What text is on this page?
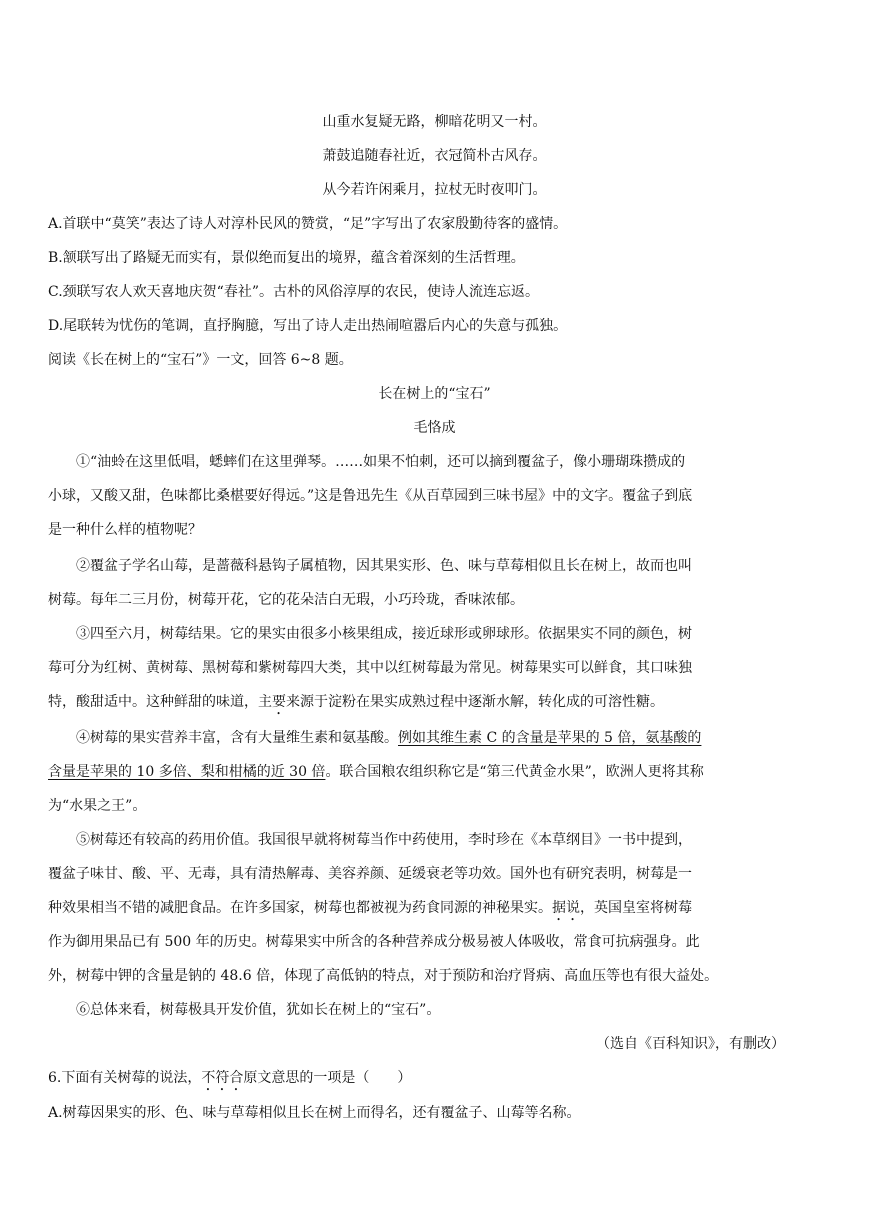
山重水复疑无路，柳暗花明又一村。
萧鼓追随春社近，衣冠简朴古风存。
从今若许闲乘月，拉杖无时夜叩门。
A.首联中“莫笑”表达了诗人对淳朴民风的赞赏，“足”字写出了农家殷勤待客的盛情。
B.颔联写出了路疑无而实有，景似绝而复出的境界，蕴含着深刻的生活哲理。
C.颈联写农人欢天喜地庆贺“春社”。古朴的风俗淳厚的农民，使诗人流连忘返。
D.尾联转为忧伤的笔调，直抒胸臆，写出了诗人走出热闹喧嚣后内心的失意与孤独。
阅读《长在树上的“宝石”》一文，回答 6~8 题。
长在树上的“宝石”
毛恪成
①“油蛉在这里低唱，蟋蟀们在这里弹琴。……如果不怕刺，还可以摘到覆盆子，像小珊瑚珠攒成的
小球，又酸又甜，色味都比桑椹要好得远。”这是鲁迅先生《从百草园到三味书屋》中的文字。覆盆子到底
是一种什么样的植物呢？
②覆盆子学名山莓，是蔷薇科悬钩子属植物，因其果实形、色、味与草莓相似且长在树上，故而也叫
树莓。每年二三月份，树莓开花，它的花朵洁白无瑕，小巧玲珑，香味浓郁。
③四至六月，树莓结果。它的果实由很多小核果组成，接近球形或卵球形。依据果实不同的颜色，树
莓可分为红树、黄树莓、黑树莓和紫树莓四大类，其中以红树莓最为常见。树莓果实可以鲜食，其口味独
特，酸甜适中。这种鲜甜的味道，主要来源于淀粉在果实成熟过程中逐渐水解，转化成的可溶性糖。
④树莓的果实营养丰富，含有大量维生素和氨基酸。例如其维生素 C 的含量是苹果的 5 倍，氨基酸的
含量是苹果的 10 多倍、梨和柑橘的近 30 倍。联合国粮农组织称它是“第三代黄金水果”，欧洲人更将其称
为“水果之王”。
⑤树莓还有较高的药用价值。我国很早就将树莓当作中药使用，李时珍在《本草纲目》一书中提到，
覆盆子味甘、酸、平、无毒，具有清热解毒、美容养颜、延缓衰老等功效。国外也有研究表明，树莓是一
种效果相当不错的减肥食品。在许多国家，树莓也都被视为药食同源的神秘果实。据说，英国皇室将树莓
作为御用果品已有 500 年的历史。树莓果实中所含的各种营养成分极易被人体吸收，常食可抗病强身。此
外，树莓中钾的含量是钠的 48.6 倍，体现了高低钠的特点，对于预防和治疗肾病、高血压等也有很大益处。
⑥总体来看，树莓极具开发价值，犹如长在树上的“宝石”。
（选自《百科知识》，有删改）
6.下面有关树莓的说法，不符合原文意思的一项是（　　）
A.树莓因果实的形、色、味与草莓相似且长在树上而得名，还有覆盆子、山莓等名称。
